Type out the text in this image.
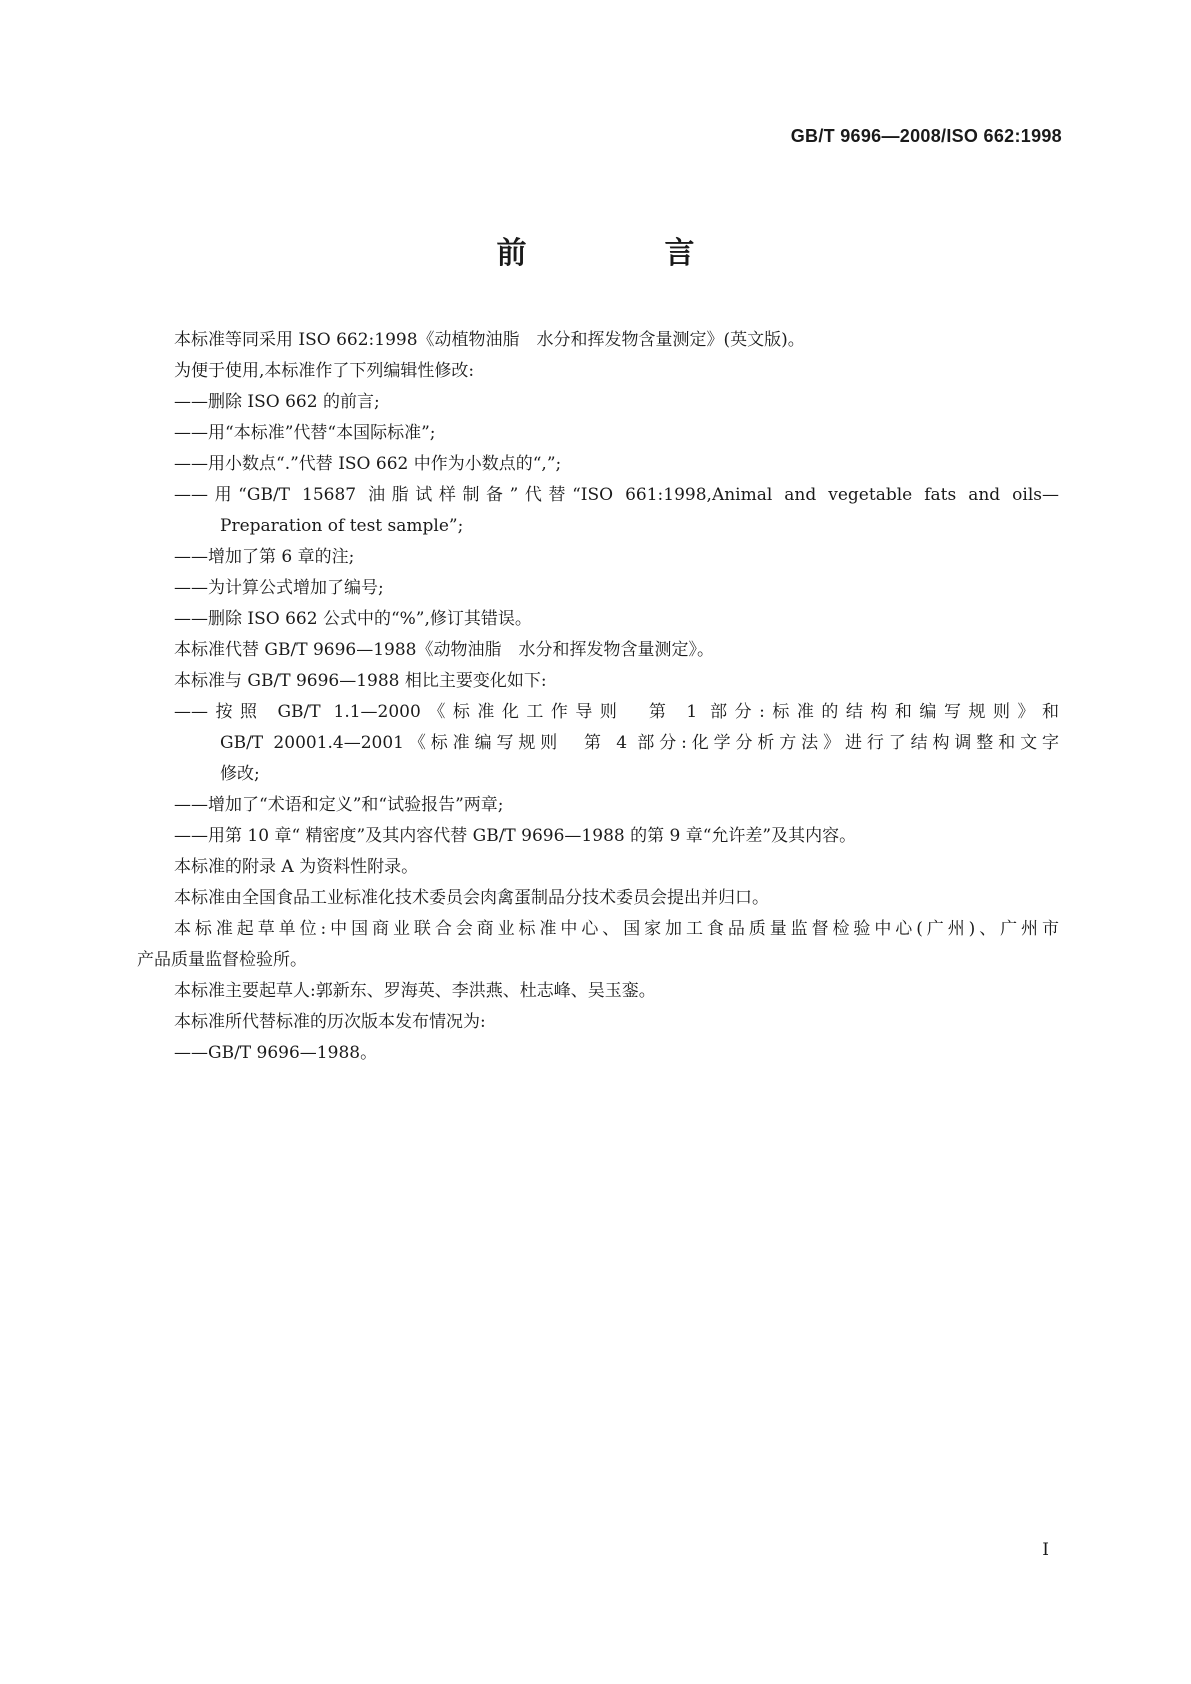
GB/T 9696—2008/ISO 662:1998
前　言
本标准等同采用 ISO 662:1998《动植物油脂　水分和挥发物含量测定》(英文版)。
为便于使用,本标准作了下列编辑性修改:
——删除 ISO 662 的前言;
——用“本标准”代替“本国际标准”;
——用小数点“.”代替 ISO 662 中作为小数点的“,”;
——用“GB/T 15687 油脂试样制备”代替“ISO 661:1998,Animal and vegetable fats and oils—
Preparation of test sample”;
——增加了第 6 章的注;
——为计算公式增加了编号;
——删除 ISO 662 公式中的“%”,修订其错误。
本标准代替 GB/T 9696—1988《动物油脂　水分和挥发物含量测定》。
本标准与 GB/T 9696—1988 相比主要变化如下:
——按照 GB/T 1.1—2000《标准化工作导则　第 1 部分:标准的结构和编写规则》和
GB/T 20001.4—2001《标准编写规则　第 4 部分:化学分析方法》进行了结构调整和文字
修改;
——增加了“术语和定义”和“试验报告”两章;
——用第 10 章“ 精密度”及其内容代替 GB/T 9696—1988 的第 9 章“允许差”及其内容。
本标准的附录 A 为资料性附录。
本标准由全国食品工业标准化技术委员会肉禽蛋制品分技术委员会提出并归口。
本标准起草单位:中国商业联合会商业标准中心、国家加工食品质量监督检验中心(广州)、广州市
产品质量监督检验所。
本标准主要起草人:郭新东、罗海英、李洪燕、杜志峰、吴玉銮。
本标准所代替标准的历次版本发布情况为:
——GB/T 9696—1988。
I
